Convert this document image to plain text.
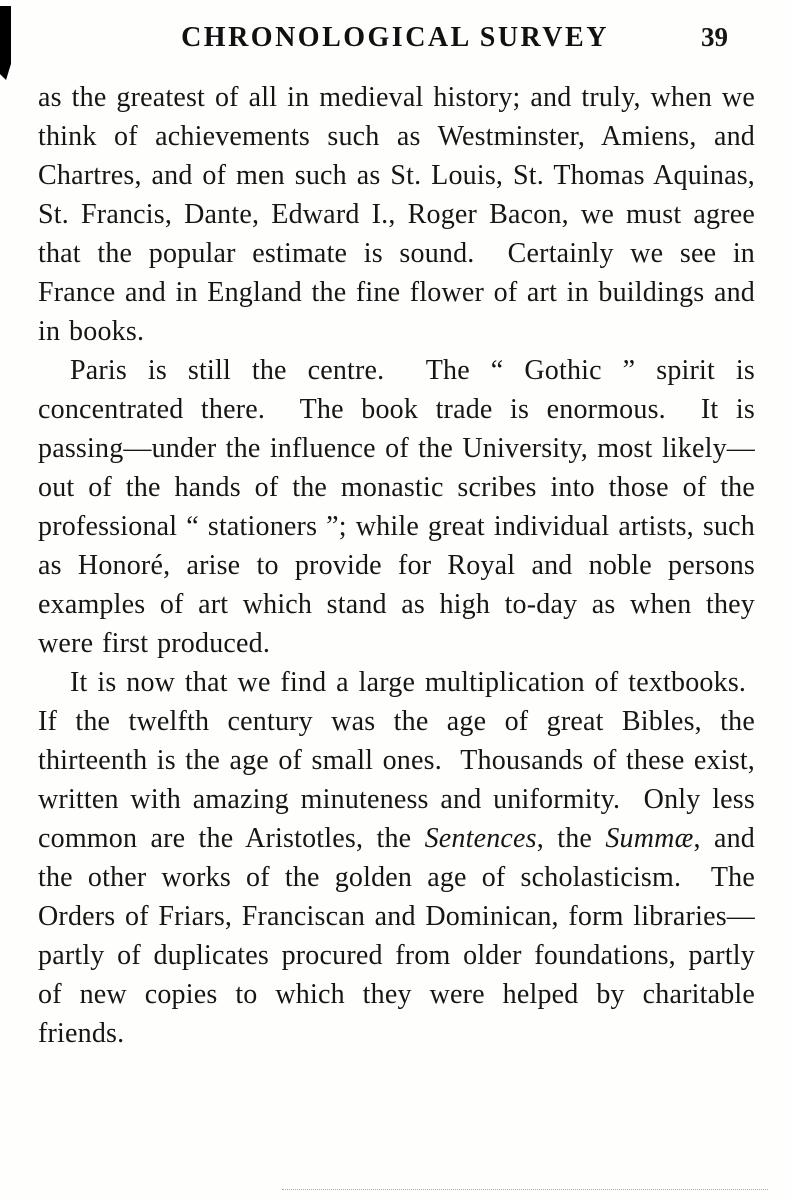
CHRONOLOGICAL SURVEY	39

as the greatest of all in medieval history; and truly, when we think of achievements such as Westminster, Amiens, and Chartres, and of men such as St. Louis, St. Thomas Aquinas, St. Francis, Dante, Edward I., Roger Bacon, we must agree that the popular estimate is sound.  Certainly we see in France and in England the fine flower of art in buildings and in books.

Paris is still the centre.  The “ Gothic ” spirit is concentrated there.  The book trade is enormous.  It is passing—under the influence of the University, most likely—out of the hands of the monastic scribes into those of the professional “ stationers ”; while great individual artists, such as Honoré, arise to provide for Royal and noble persons examples of art which stand as high to-day as when they were first produced.

It is now that we find a large multiplication of textbooks.  If the twelfth century was the age of great Bibles, the thirteenth is the age of small ones.  Thousands of these exist, written with amazing minuteness and uniformity.  Only less common are the Aristotles, the Sentences, the Summæ, and the other works of the golden age of scholasticism.  The Orders of Friars, Franciscan and Dominican, form libraries—partly of duplicates procured from older foundations, partly of new copies to which they were helped by charitable friends.
